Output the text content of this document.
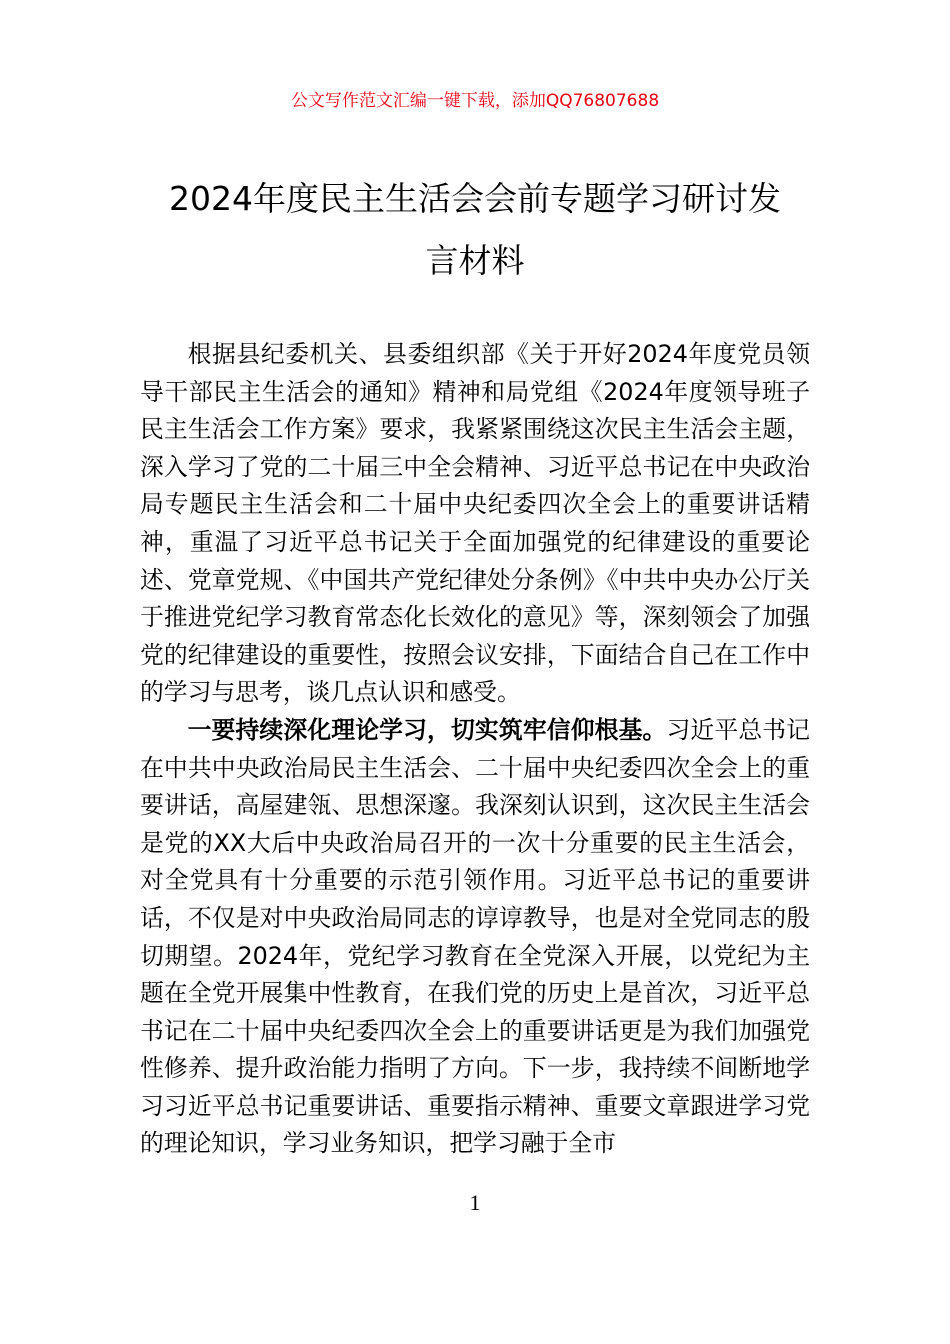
公文写作范文汇编一键下载，添加QQ76807688
2024年度民主生活会会前专题学习研讨发
言材料

根据县纪委机关、县委组织部《关于开好2024年度党员领导干部民主生活会的通知》精神和局党组《2024年度领导班子民主生活会工作方案》要求，我紧紧围绕这次民主生活会主题，深入学习了党的二十届三中全会精神、习近平总书记在中央政治局专题民主生活会和二十届中央纪委四次全会上的重要讲话精神，重温了习近平总书记关于全面加强党的纪律建设的重要论述、党章党规、《中国共产党纪律处分条例》《中共中央办公厅关于推进党纪学习教育常态化长效化的意见》等，深刻领会了加强党的纪律建设的重要性，按照会议安排，下面结合自己在工作中的学习与思考，谈几点认识和感受。

一要持续深化理论学习，切实筑牢信仰根基。习近平总书记在中共中央政治局民主生活会、二十届中央纪委四次全会上的重要讲话，高屋建瓴、思想深邃。我深刻认识到，这次民主生活会是党的XX大后中央政治局召开的一次十分重要的民主生活会，对全党具有十分重要的示范引领作用。习近平总书记的重要讲话，不仅是对中央政治局同志的谆谆教导，也是对全党同志的殷切期望。2024年，党纪学习教育在全党深入开展，以党纪为主题在全党开展集中性教育，在我们党的历史上是首次，习近平总书记在二十届中央纪委四次全会上的重要讲话更是为我们加强党性修养、提升政治能力指明了方向。下一步，我持续不间断地学习习近平总书记重要讲话、重要指示精神、重要文章跟进学习党的理论知识，学习业务知识，把学习融于全市

1
